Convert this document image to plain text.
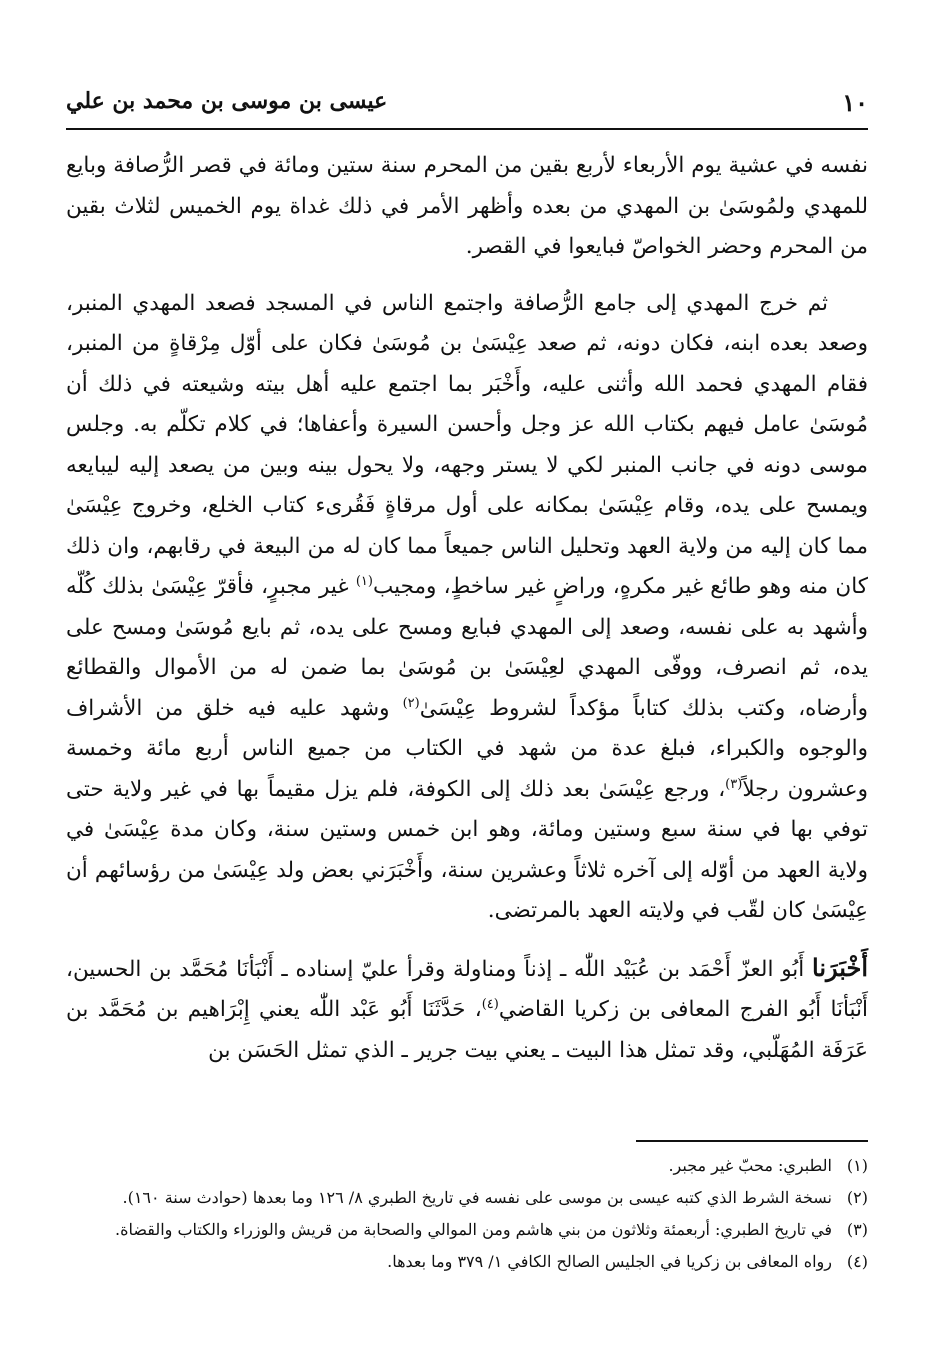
١٠
عيسى بن موسى بن محمد بن علي

نفسه في عشية يوم الأربعاء لأربع بقين من المحرم سنة ستين ومائة في قصر الرُّصافة وبايع للمهدي ولمُوسَىٰ بن المهدي من بعده وأظهر الأمر في ذلك غداة يوم الخميس لثلاث بقين من المحرم وحضر الخواصّ فبايعوا في القصر.

ثم خرج المهدي إلى جامع الرُّصافة واجتمع الناس في المسجد فصعد المهدي المنبر، وصعد بعده ابنه، فكان دونه، ثم صعد عِيْسَىٰ بن مُوسَىٰ فكان على أوّل مِرْقاةٍ من المنبر، فقام المهدي فحمد الله وأثنى عليه، وأَخْبَر بما اجتمع عليه أهل بيته وشيعته في ذلك أن مُوسَىٰ عامل فيهم بكتاب الله عز وجل وأحسن السيرة وأعفاها؛ في كلام تكلّم به. وجلس موسى دونه في جانب المنبر لكي لا يستر وجهه، ولا يحول بينه وبين من يصعد إليه ليبايعه ويمسح على يده، وقام عِيْسَىٰ بمكانه على أول مرقاةٍ فَقُرىء كتاب الخلع، وخروج عِيْسَىٰ مما كان إليه من ولاية العهد وتحليل الناس جميعاً مما كان له من البيعة في رقابهم، وان ذلك كان منه وهو طائع غير مكرهٍ، وراضٍ غير ساخطٍ، ومجيب$^{(١)}$ غير مجبرٍ، فأقرّ عِيْسَىٰ بذلك كُلّه وأشهد به على نفسه، وصعد إلى المهدي فبايع ومسح على يده، ثم بايع مُوسَىٰ ومسح على يده، ثم انصرف، ووفّى المهدي لعِيْسَىٰ بن مُوسَىٰ بما ضمن له من الأموال والقطائع وأرضاه، وكتب بذلك كتاباً مؤكداً لشروط عِيْسَىٰ$^{(٢)}$ وشهد عليه فيه خلق من الأشراف والوجوه والكبراء، فبلغ عدة من شهد في الكتاب من جميع الناس أربع مائة وخمسة وعشرون رجلاً$^{(٣)}$، ورجع عِيْسَىٰ بعد ذلك إلى الكوفة، فلم يزل مقيماً بها في غير ولاية حتى توفي بها في سنة سبع وستين ومائة، وهو ابن خمس وستين سنة، وكان مدة عِيْسَىٰ في ولاية العهد من أوّله إلى آخره ثلاثاً وعشرين سنة، وأَخْبَرَني بعض ولد عِيْسَىٰ من رؤسائهم أن عِيْسَىٰ كان لقّب في ولايته العهد بالمرتضى.

أَخْبَرَنا أَبُو العزّ أَحْمَد بن عُبَيْد اللّٰه ـ إذناً ومناولة وقرأ عليّ إسناده ـ أَنْبَأنَا مُحَمَّد بن الحسين، أَنْبَأنَا أَبُو الفرج المعافى بن زكريا القاضي$^{(٤)}$، حَدَّثَنَا أَبُو عَبْد اللّٰه يعني إِبْرَاهيم بن مُحَمَّد بن عَرَفَة المُهَلّبي، وقد تمثل هذا البيت ـ يعني بيت جرير ـ الذي تمثل الحَسَن بن

(١)الطبري: محبّ غير مجبر.
(٢)نسخة الشرط الذي كتبه عيسى بن موسى على نفسه في تاريخ الطبري ٨/ ١٢٦ وما بعدها (حوادث سنة ١٦٠).
(٣)في تاريخ الطبري: أربعمئة وثلاثون من بني هاشم ومن الموالي والصحابة من قريش والوزراء والكتاب والقضاة.
(٤)رواه المعافى بن زكريا في الجليس الصالح الكافي ١/ ٣٧٩ وما بعدها.
